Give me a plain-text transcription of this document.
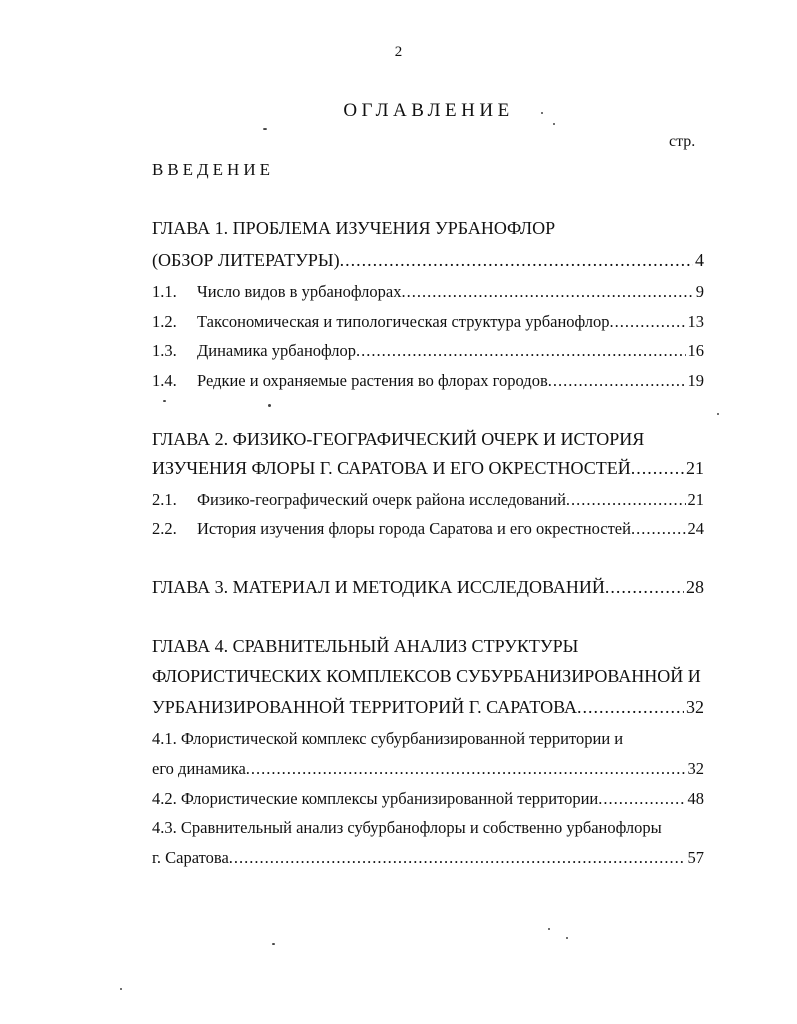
2
ОГЛАВЛЕНИЕ
стр.
ВВЕДЕНИЕ
ГЛАВА 1. ПРОБЛЕМА ИЗУЧЕНИЯ УРБАНОФЛОР
(ОБЗОР ЛИТЕРАТУРЫ) .....	4
1.1.	Число видов в урбанофлорах .....	9
1.2.	Таксономическая и типологическая структура урбанофлор .....	13
1.3.	Динамика урбанофлор .....	16
1.4.	Редкие и охраняемые растения во флорах городов .....	19
ГЛАВА 2. ФИЗИКО-ГЕОГРАФИЧЕСКИЙ ОЧЕРК И ИСТОРИЯ
ИЗУЧЕНИЯ ФЛОРЫ Г. САРАТОВА И ЕГО ОКРЕСТНОСТЕЙ .....	21
2.1.	Физико-географический очерк района исследований .....	21
2.2.	История изучения флоры города Саратова и его окрестностей .....	24
ГЛАВА 3. МАТЕРИАЛ И МЕТОДИКА ИССЛЕДОВАНИЙ .....	28
ГЛАВА 4. СРАВНИТЕЛЬНЫЙ АНАЛИЗ СТРУКТУРЫ
ФЛОРИСТИЧЕСКИХ КОМПЛЕКСОВ СУБУРБАНИЗИРОВАННОЙ И
УРБАНИЗИРОВАННОЙ ТЕРРИТОРИЙ Г. САРАТОВА .....	32
4.1. Флористической комплекс субурбанизированной территории и
его динамика .....	32
4.2. Флористические комплексы урбанизированной территории .....	48
4.3. Сравнительный анализ субурбанофлоры и собственно урбанофлоры
г. Саратова .....	57
